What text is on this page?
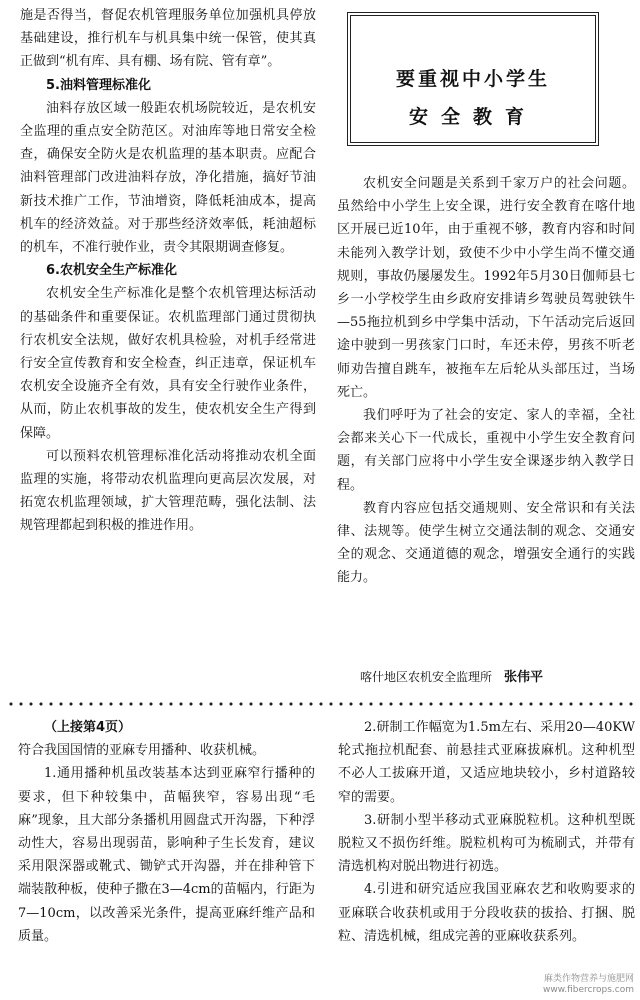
施是否得当，督促农机管理服务单位加强机具停放基础建设，推行机车与机具集中统一保管，使其真正做到“机有库、具有棚、场有院、管有章”。

5.油料管理标准化

油料存放区域一般距农机场院较近，是农机安全监理的重点安全防范区。对油库等地日常安全检查，确保安全防火是农机监理的基本职责。应配合油料管理部门改进油料存放，净化措施，搞好节油新技术推广工作，节油增资，降低耗油成本，提高机车的经济效益。对于那些经济效率低，耗油超标的机车，不准行驶作业，责令其限期调查修复。

6.农机安全生产标准化

农机安全生产标准化是整个农机管理达标活动的基础条件和重要保证。农机监理部门通过贯彻执行农机安全法规，做好农机具检验，对机手经常进行安全宣传教育和安全检查，纠正违章，保证机车农机安全设施齐全有效，具有安全行驶作业条件，从而，防止农机事故的发生，使农机安全生产得到保障。

可以预料农机管理标准化活动将推动农机全面监理的实施，将带动农机监理向更高层次发展，对拓宽农机监理领域，扩大管理范畴，强化法制、法规管理都起到积极的推进作用。

要重视中小学生
安全教育

农机安全问题是关系到千家万户的社会问题。虽然给中小学生上安全课，进行安全教育在喀什地区开展已近10年，由于重视不够，教育内容和时间未能列入教学计划，致使不少中小学生尚不懂交通规则，事故仍屡屡发生。1992年5月30日伽师县七乡一小学校学生由乡政府安排请乡驾驶员驾驶铁牛—55拖拉机到乡中学集中活动，下午活动完后返回途中驶到一男孩家门口时，车还未停，男孩不听老师劝告擅自跳车，被拖车左后轮从头部压过，当场死亡。

我们呼吁为了社会的安定、家人的幸福，全社会都来关心下一代成长，重视中小学生安全教育问题，有关部门应将中小学生安全课逐步纳入教学日程。

教育内容应包括交通规则、安全常识和有关法律、法规等。使学生树立交通法制的观念、交通安全的观念、交通道德的观念，增强安全通行的实践能力。

喀什地区农机安全监理所 张伟平

（上接第4页）

符合我国国情的亚麻专用播种、收获机械。

1.通用播种机虽改装基本达到亚麻窄行播种的要求，但下种较集中，苗幅狭窄，容易出现“毛麻”现象，且大部分条播机用圆盘式开沟器，下种浮动性大，容易出现弱苗，影响种子生长发育，建议采用限深器或靴式、锄铲式开沟器，并在排种管下端装散种板，使种子撒在3—4cm的苗幅内，行距为7—10cm，以改善采光条件，提高亚麻纤维产品和质量。

2.研制工作幅宽为1.5m左右、采用20—40KW轮式拖拉机配套、前悬挂式亚麻拔麻机。这种机型不必人工拔麻开道，又适应地块较小，乡村道路较窄的需要。

3.研制小型半移动式亚麻脱粒机。这种机型既脱粒又不损伤纤维。脱粒机构可为梳刷式，并带有清选机构对脱出物进行初选。

4.引进和研究适应我国亚麻农艺和收购要求的亚麻联合收获机或用于分段收获的拔拾、打捆、脱粒、清选机械，组成完善的亚麻收获系列。

麻类作物营养与施肥网
www.fibercrops.com
